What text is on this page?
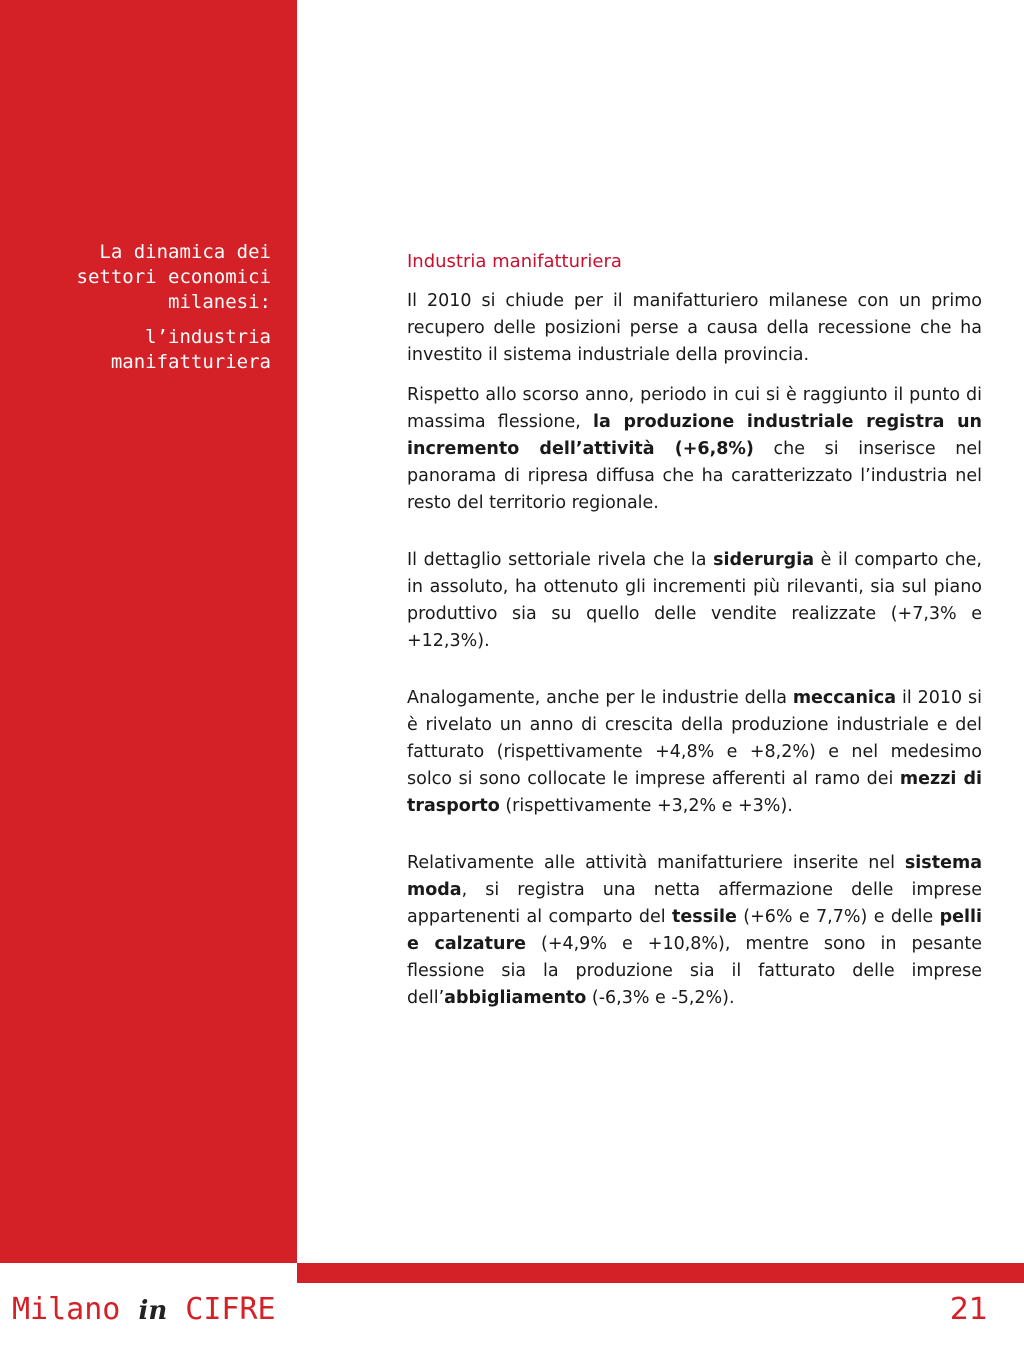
La dinamica dei settori economici milanesi:

l’industria manifatturiera

Industria manifatturiera

Il 2010 si chiude per il manifatturiero milanese con un primo recupero delle posizioni perse a causa della recessione che ha investito il sistema industriale della provincia.

Rispetto allo scorso anno, periodo in cui si è raggiunto il punto di massima flessione, la produzione industriale registra un incremento dell’attività (+6,8%) che si inserisce nel panorama di ripresa diffusa che ha caratterizzato l’industria nel resto del territorio regionale.

Il dettaglio settoriale rivela che la siderurgia è il comparto che, in assoluto, ha ottenuto gli incrementi più rilevanti, sia sul piano produttivo sia su quello delle vendite realizzate (+7,3% e +12,3%).

Analogamente, anche per le industrie della meccanica il 2010 si è rivelato un anno di crescita della produzione industriale e del fatturato (rispettivamente +4,8% e +8,2%) e nel medesimo solco si sono collocate le imprese afferenti al ramo dei mezzi di trasporto (rispettivamente +3,2% e +3%).

Relativamente alle attività manifatturiere inserite nel sistema moda, si registra una netta affermazione delle imprese appartenenti al comparto del tessile (+6% e 7,7%) e delle pelli e calzature (+4,9% e +10,8%), mentre sono in pesante flessione sia la produzione sia il fatturato delle imprese dell’abbigliamento (-6,3% e -5,2%).

Milano in CIFRE	21
